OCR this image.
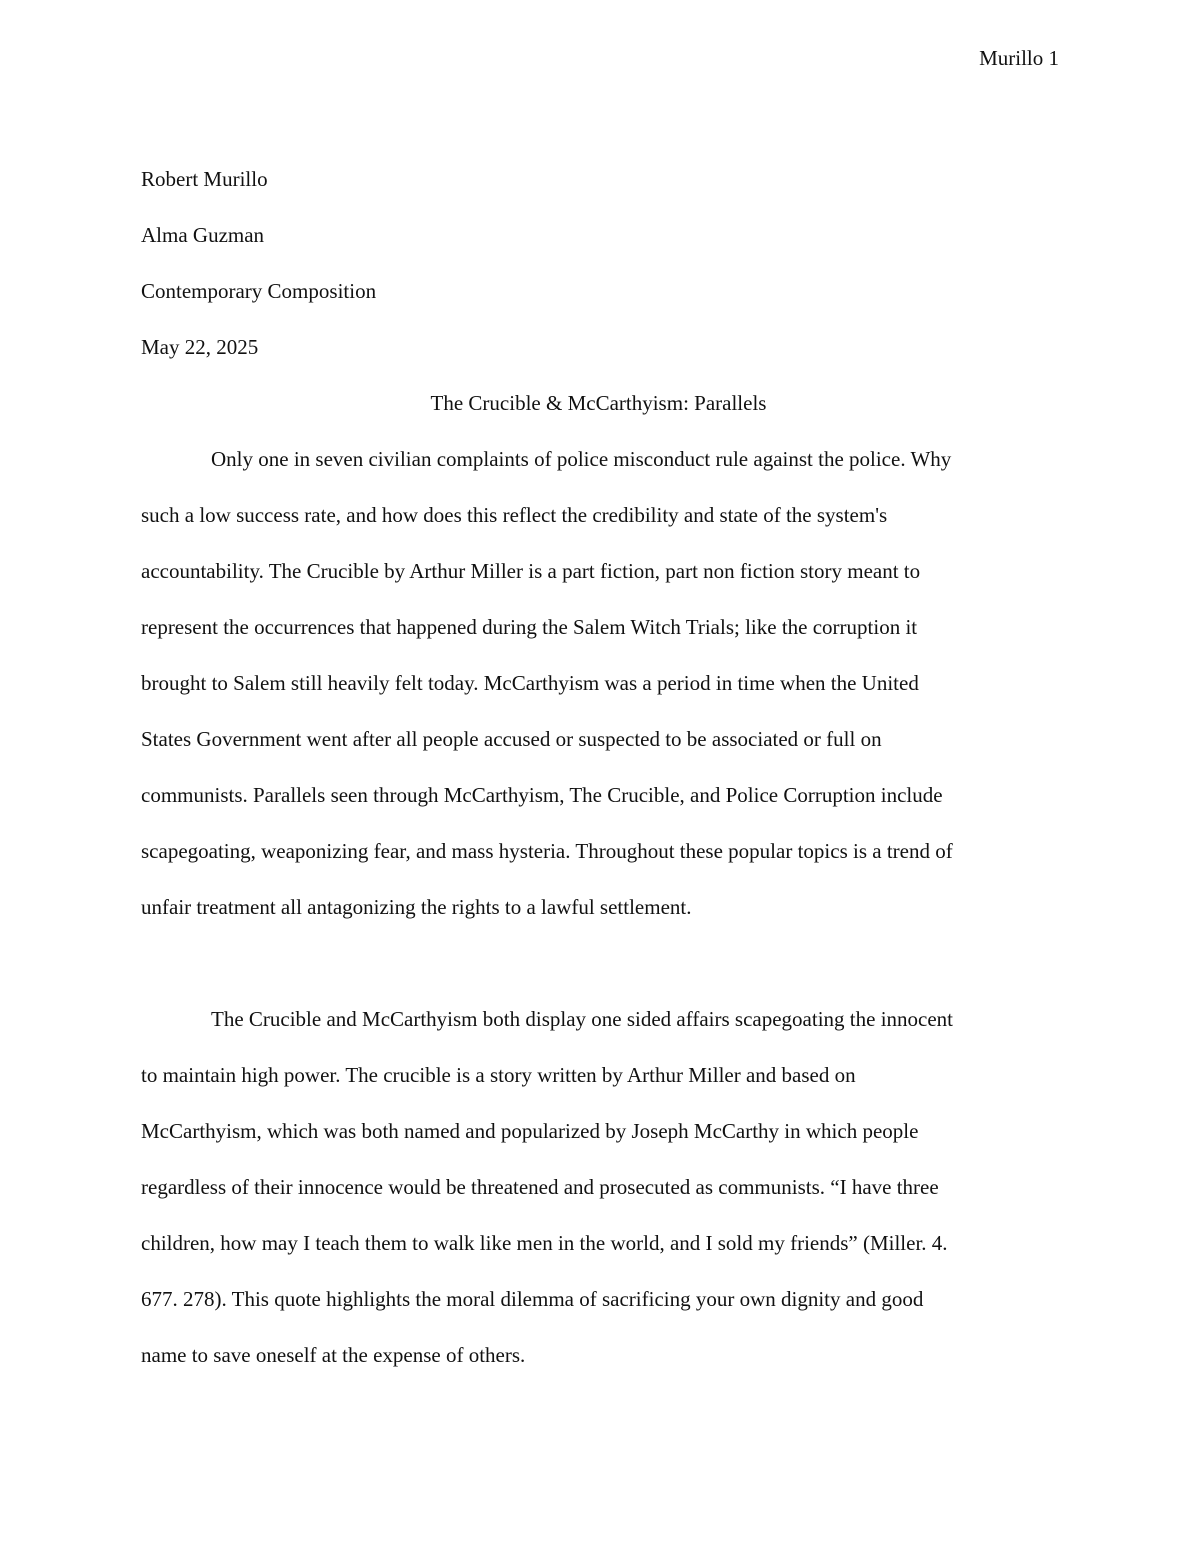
Murillo 1
Robert Murillo
Alma Guzman
Contemporary Composition
May 22, 2025
The Crucible & McCarthyism: Parallels
Only one in seven civilian complaints of police misconduct rule against the police. Why
such a low success rate, and how does this reflect the credibility and state of the system's
accountability. The Crucible by Arthur Miller is a part fiction, part non fiction story meant to
represent the occurrences that happened during the Salem Witch Trials; like the corruption it
brought to Salem still heavily felt today. McCarthyism was a period in time when the United
States Government went after all people accused or suspected to be associated or full on
communists. Parallels seen through McCarthyism, The Crucible, and Police Corruption include
scapegoating, weaponizing fear, and mass hysteria. Throughout these popular topics is a trend of
unfair treatment all antagonizing the rights to a lawful settlement.
The Crucible and McCarthyism both display one sided affairs scapegoating the innocent
to maintain high power. The crucible is a story written by Arthur Miller and based on
McCarthyism, which was both named and popularized by Joseph McCarthy in which people
regardless of their innocence would be threatened and prosecuted as communists. “I have three
children, how may I teach them to walk like men in the world, and I sold my friends” (Miller. 4.
677. 278). This quote highlights the moral dilemma of sacrificing your own dignity and good
name to save oneself at the expense of others.
